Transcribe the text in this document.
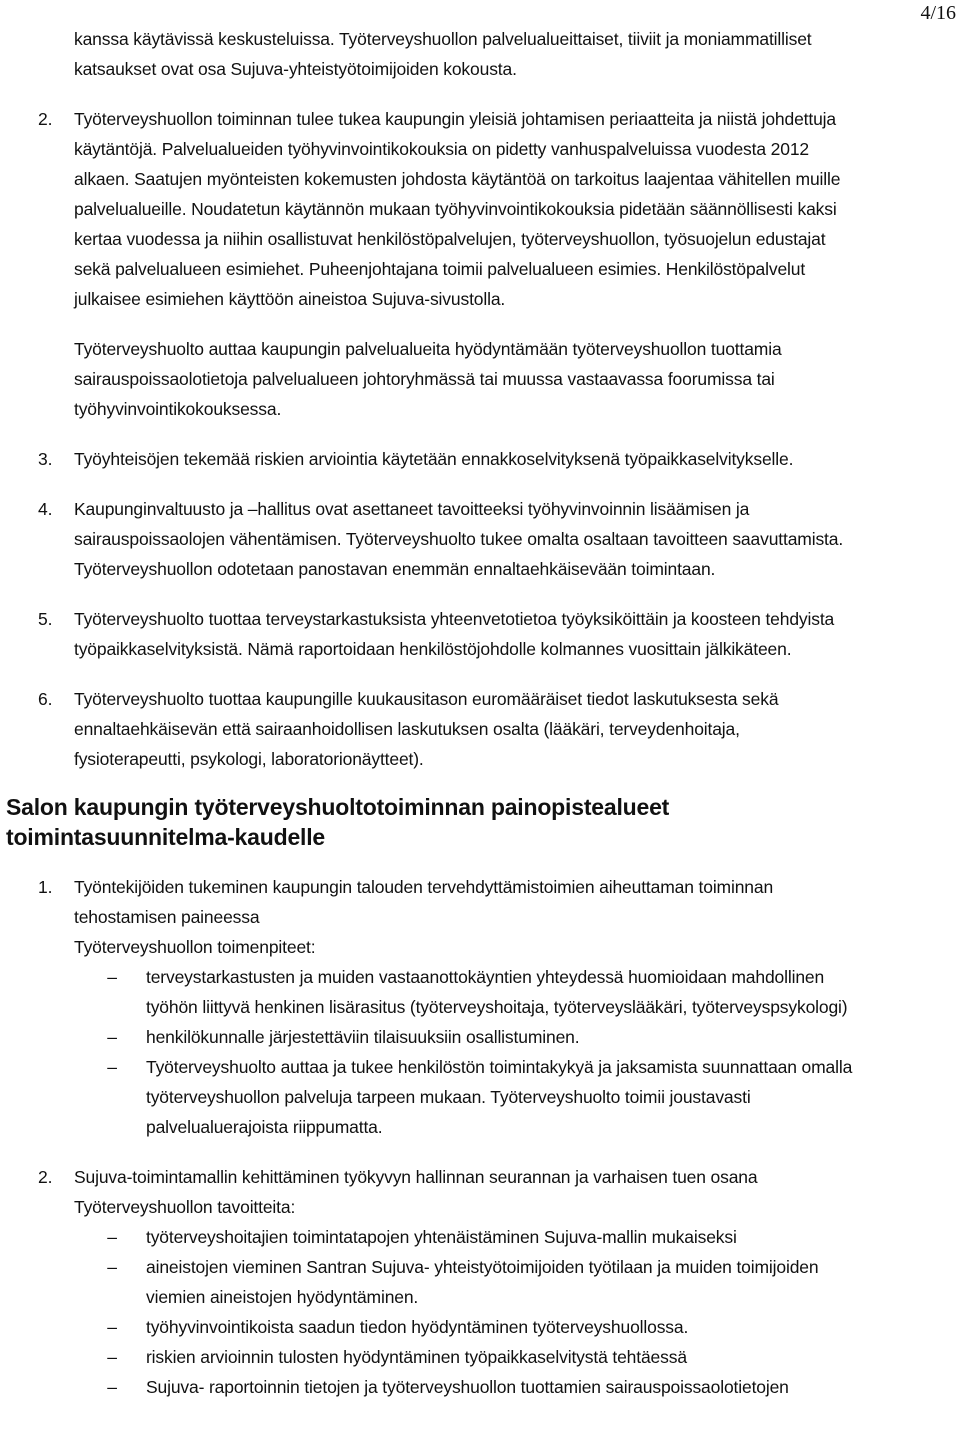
4/16
kanssa käytävissä keskusteluissa. Työterveyshuollon palvelualueittaiset, tiiviit ja moniammatilliset
katsaukset ovat osa Sujuva-yhteistyötoimijoiden kokousta.
2. Työterveyshuollon toiminnan tulee tukea kaupungin yleisiä johtamisen periaatteita ja niistä johdettuja
käytäntöjä. Palvelualueiden työhyvinvointikokouksia on pidetty vanhuspalveluissa vuodesta 2012
alkaen. Saatujen myönteisten kokemusten johdosta käytäntöä on tarkoitus laajentaa vähitellen muille
palvelualueille. Noudatetun käytännön mukaan työhyvinvointikokouksia pidetään säännöllisesti kaksi
kertaa vuodessa ja niihin osallistuvat henkilöstöpalvelujen, työterveyshuollon, työsuojelun edustajat
sekä palvelualueen esimiehet. Puheenjohtajana toimii palvelualueen esimies. Henkilöstöpalvelut
julkaisee esimiehen käyttöön aineistoa Sujuva-sivustolla.
Työterveyshuolto auttaa kaupungin palvelualueita hyödyntämään työterveyshuollon tuottamia
sairauspoissaolotietoja palvelualueen johtoryhmässä tai muussa vastaavassa foorumissa tai
työhyvinvointikokouksessa.
3. Työyhteisöjen tekemää riskien arviointia käytetään ennakkoselvityksenä työpaikkaselvitykselle.
4. Kaupunginvaltuusto ja –hallitus ovat asettaneet tavoitteeksi työhyvinvoinnin lisäämisen ja
sairauspoissaolojen vähentämisen. Työterveyshuolto tukee omalta osaltaan tavoitteen saavuttamista.
Työterveyshuollon odotetaan panostavan enemmän ennaltaehkäisevään toimintaan.
5. Työterveyshuolto tuottaa terveystarkastuksista yhteenvetotietoa työyksiköittäin ja koosteen tehdyista
työpaikkaselvityksistä. Nämä raportoidaan henkilöstöjohdolle kolmannes vuosittain jälkikäteen.
6. Työterveyshuolto tuottaa kaupungille kuukausitason euromääräiset tiedot laskutuksesta sekä
ennaltaehkäisevän että sairaanhoidollisen laskutuksen osalta (lääkäri, terveydenhoitaja,
fysioterapeutti, psykologi, laboratorionäytteet).
Salon kaupungin työterveyshuoltotoiminnan painopistealueet
toimintasuunnitelma-kaudelle
1. Työntekijöiden tukeminen kaupungin talouden tervehdyttämistoimien aiheuttaman toiminnan
tehostamisen paineessa
Työterveyshuollon toimenpiteet:
–	terveystarkastusten ja muiden vastaanottokäyntien yhteydessä huomioidaan mahdollinen
työhön liittyvä henkinen lisärasitus (työterveyshoitaja, työterveyslääkäri, työterveyspsykologi)
–	henkilökunnalle järjestettäviin tilaisuuksiin osallistuminen.
–	Työterveyshuolto auttaa ja tukee henkilöstön toimintakykyä ja jaksamista suunnattaan omalla
työterveyshuollon palveluja tarpeen mukaan. Työterveyshuolto toimii joustavasti
palvelualuerajoista riippumatta.
2. Sujuva-toimintamallin kehittäminen työkyvyn hallinnan seurannan ja varhaisen tuen osana
Työterveyshuollon tavoitteita:
–	työterveyshoitajien toimintatapojen yhtenäistäminen Sujuva-mallin mukaiseksi
–	aineistojen vieminen Santran Sujuva- yhteistyötoimijoiden työtilaan ja muiden toimijoiden
viemien aineistojen hyödyntäminen.
–	työhyvinvointikoista saadun tiedon hyödyntäminen työterveyshuollossa.
–	riskien arvioinnin tulosten hyödyntäminen työpaikkaselvitystä tehtäessä
–	Sujuva- raportoinnin tietojen ja työterveyshuollon tuottamien sairauspoissaolotietojen
